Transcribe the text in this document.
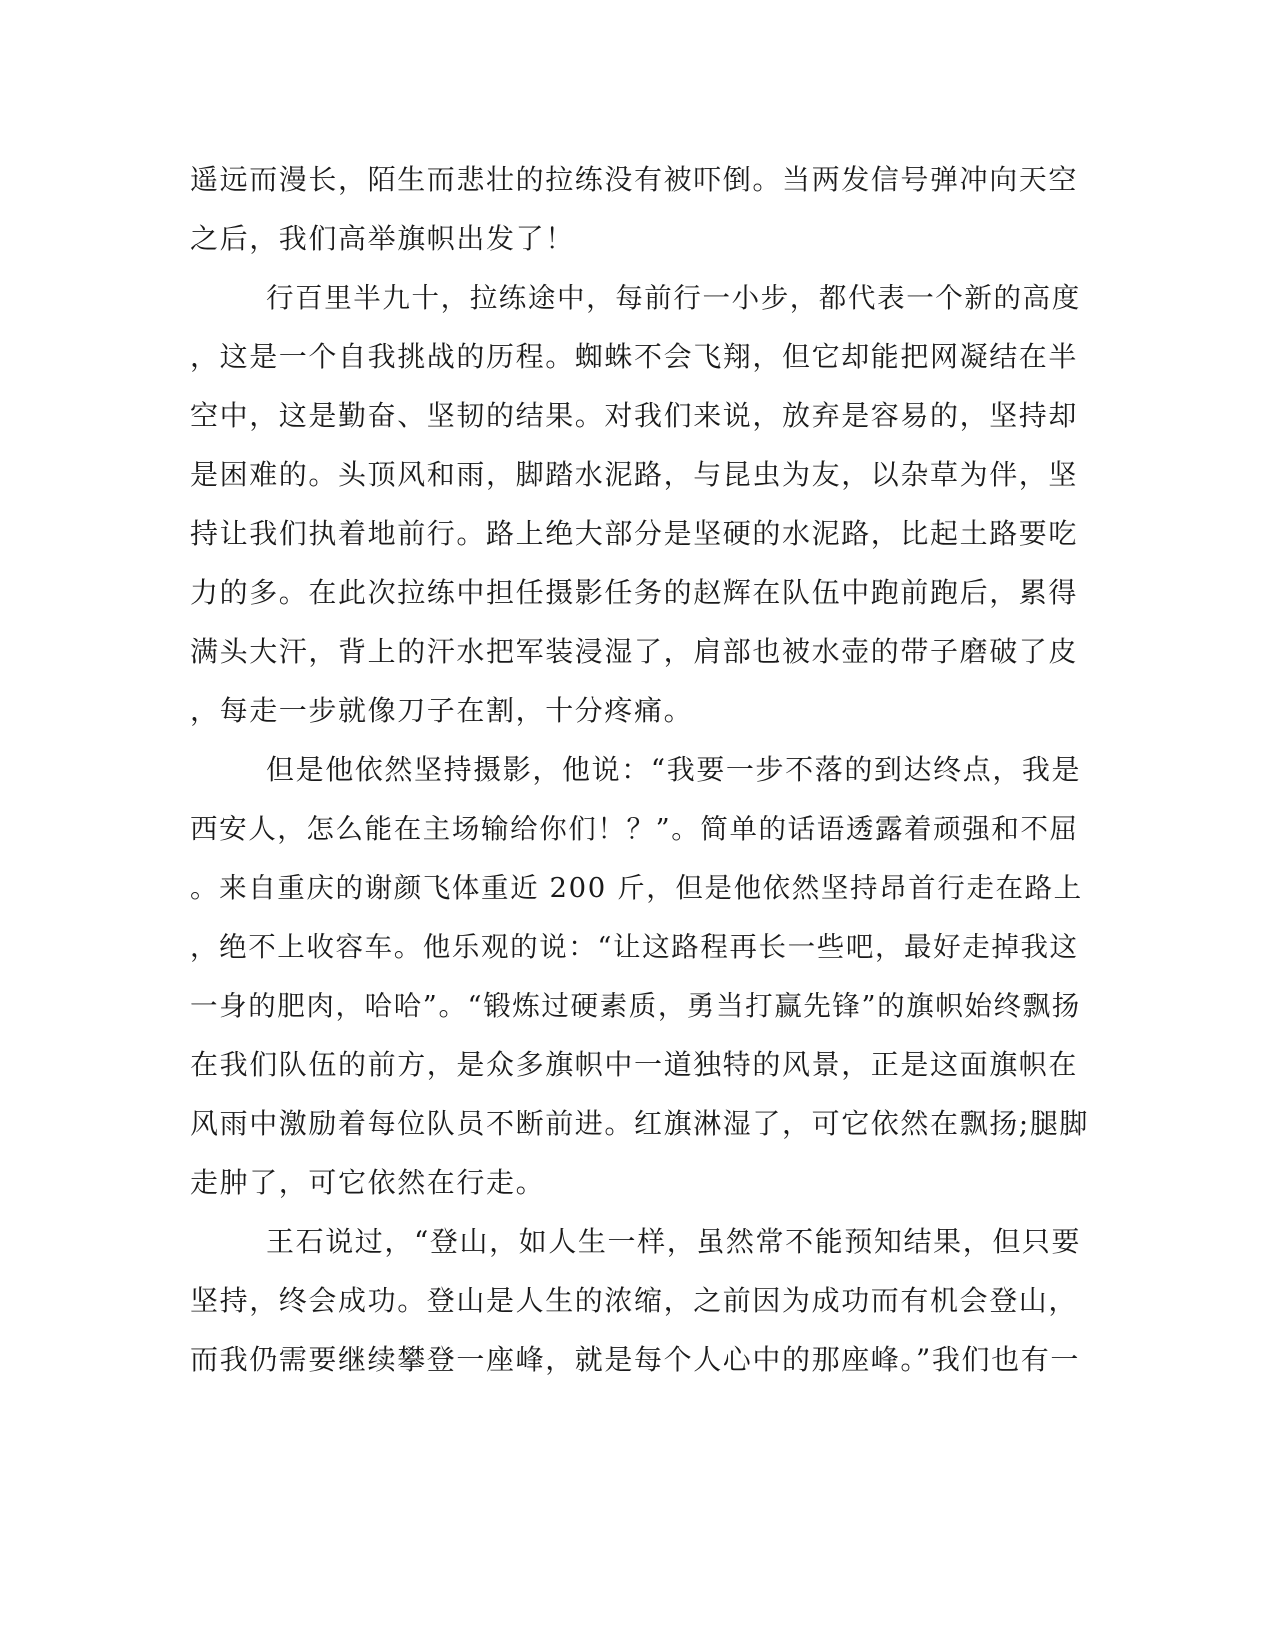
遥远而漫长，陌生而悲壮的拉练没有被吓倒。当两发信号弹冲向天空
之后，我们高举旗帜出发了！
行百里半九十，拉练途中，每前行一小步，都代表一个新的高度
，这是一个自我挑战的历程。蜘蛛不会飞翔，但它却能把网凝结在半
空中，这是勤奋、坚韧的结果。对我们来说，放弃是容易的，坚持却
是困难的。头顶风和雨，脚踏水泥路，与昆虫为友，以杂草为伴，坚
持让我们执着地前行。路上绝大部分是坚硬的水泥路，比起土路要吃
力的多。在此次拉练中担任摄影任务的赵辉在队伍中跑前跑后，累得
满头大汗，背上的汗水把军装浸湿了，肩部也被水壶的带子磨破了皮
，每走一步就像刀子在割，十分疼痛。
但是他依然坚持摄影，他说：“我要一步不落的到达终点，我是
西安人，怎么能在主场输给你们！？”。简单的话语透露着顽强和不屈
。来自重庆的谢颜飞体重近 200 斤，但是他依然坚持昂首行走在路上
，绝不上收容车。他乐观的说：“让这路程再长一些吧，最好走掉我这
一身的肥肉，哈哈”。“锻炼过硬素质，勇当打赢先锋”的旗帜始终飘扬
在我们队伍的前方，是众多旗帜中一道独特的风景，正是这面旗帜在
风雨中激励着每位队员不断前进。红旗淋湿了，可它依然在飘扬;腿脚
走肿了，可它依然在行走。
王石说过，“登山，如人生一样，虽然常不能预知结果，但只要
坚持，终会成功。登山是人生的浓缩，之前因为成功而有机会登山，
而我仍需要继续攀登一座峰，就是每个人心中的那座峰。”我们也有一
